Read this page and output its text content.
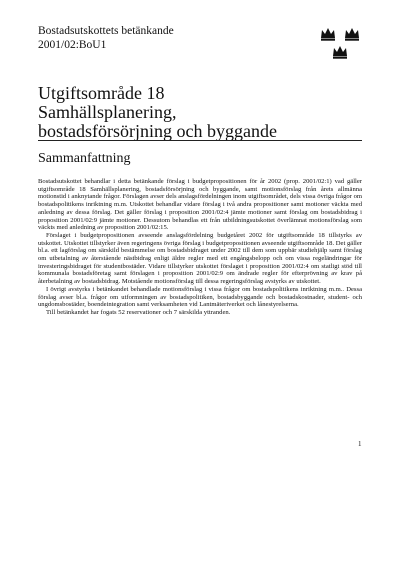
Bostadsutskottets betänkande
2001/02:BoU1
Utgiftsområde 18
Samhällsplanering,
bostadsförsörjning och byggande
Sammanfattning

Bostadsutskottet behandlar i detta betänkande förslag i budgetpropositionen för år 2002 (prop. 2001/02:1) vad gäller utgiftsområde 18 Samhällsplanering, bostadsförsörjning och byggande, samt motionsförslag från årets allmänna motionstid i anknytande frågor. Förslagen avser dels anslagsfördelningen inom utgiftsområdet, dels vissa övriga frågor om bostadspolitikens inriktning m.m. Utskottet behandlar vidare förslag i två andra propositioner samt motioner väckta med anledning av dessa förslag. Det gäller förslag i proposition 2001/02:4 jämte motioner samt förslag om bostadsbidrag i proposition 2001/02:9 jämte motioner. Dessutom behandlas ett från utbildningsutskottet överlämnat motionsförslag som väckts med anledning av proposition 2001/02:15.

Förslaget i budgetpropositionen avseende anslagsfördelning budgetåret 2002 för utgiftsområde 18 tillstyrks av utskottet. Utskottet tillstyrker även regeringens övriga förslag i budgetpropositionen avseende utgiftsområde 18. Det gäller bl.a. ett lagförslag om särskild bestämmelse om bostadsbidraget under 2002 till dem som uppbär studiehjälp samt förslag om utbetalning av återstående nästbidrag enligt äldre regler med ett engångsbelopp och om vissa regeländringar för investeringsbidraget för studentbostäder. Vidare tillstyrker utskottet förslaget i proposition 2001/02:4 om statligt stöd till kommunala bostadsföretag samt förslagen i proposition 2001/02:9 om ändrade regler för efterprövning av krav på återbetalning av bostadsbidrag. Motstående motionsförslag till dessa regeringsförslag avstyrks av utskottet.

I övrigt avstyrks i betänkandet behandlade motionsförslag i vissa frågor om bostadspolitikens inriktning m.m.. Dessa förslag avser bl.a. frågor om utformningen av bostadspolitiken, bostadsbyggande och bostadskostnader, student- och ungdomsbostäder, boendeintegration samt verksamheten vid Lantmäteriverket och lånestyrelserna.

Till betänkandet har fogats 52 reservationer och 7 särskilda yttranden.

1
